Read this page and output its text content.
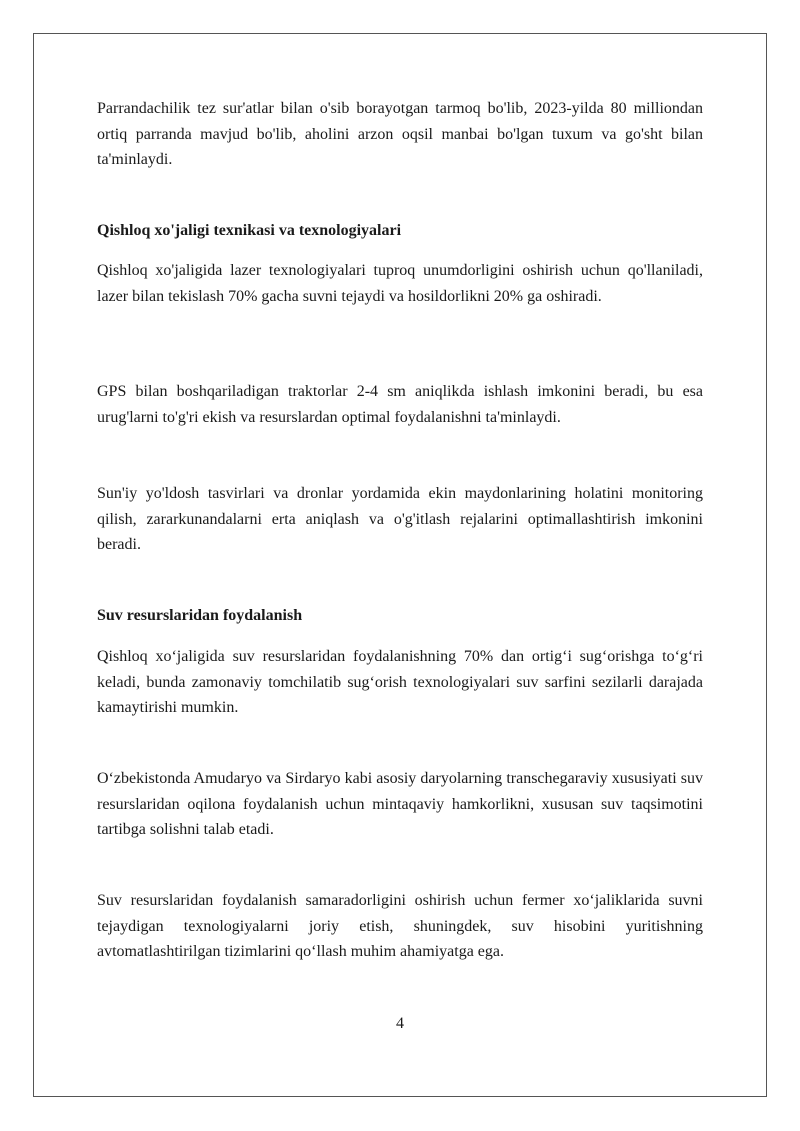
Parrandachilik tez sur'atlar bilan o'sib borayotgan tarmoq bo'lib, 2023-yilda 80 milliondan ortiq parranda mavjud bo'lib, aholini arzon oqsil manbai bo'lgan tuxum va go'sht bilan ta'minlaydi.

Qishloq xo'jaligi texnikasi va texnologiyalari

Qishloq xo'jaligida lazer texnologiyalari tuproq unumdorligini oshirish uchun qo'llaniladi, lazer bilan tekislash 70% gacha suvni tejaydi va hosildorlikni 20% ga oshiradi.

GPS bilan boshqariladigan traktorlar 2-4 sm aniqlikda ishlash imkonini beradi, bu esa urug'larni to'g'ri ekish va resurslardan optimal foydalanishni ta'minlaydi.

Sun'iy yo'ldosh tasvirlari va dronlar yordamida ekin maydonlarining holatini monitoring qilish, zararkunandalarni erta aniqlash va o'g'itlash rejalarini optimallashtirish imkonini beradi.

Suv resurslaridan foydalanish

Qishloq xo‘jaligida suv resurslaridan foydalanishning 70% dan ortig‘i sug‘orishga to‘g‘ri keladi, bunda zamonaviy tomchilatib sug‘orish texnologiyalari suv sarfini sezilarli darajada kamaytirishi mumkin.

O‘zbekistonda Amudaryo va Sirdaryo kabi asosiy daryolarning transchegaraviy xususiyati suv resurslaridan oqilona foydalanish uchun mintaqaviy hamkorlikni, xususan suv taqsimotini tartibga solishni talab etadi.

Suv resurslaridan foydalanish samaradorligini oshirish uchun fermer xo‘jaliklarida suvni tejaydigan texnologiyalarni joriy etish, shuningdek, suv hisobini yuritishning avtomatlashtirilgan tizimlarini qo‘llash muhim ahamiyatga ega.

4
